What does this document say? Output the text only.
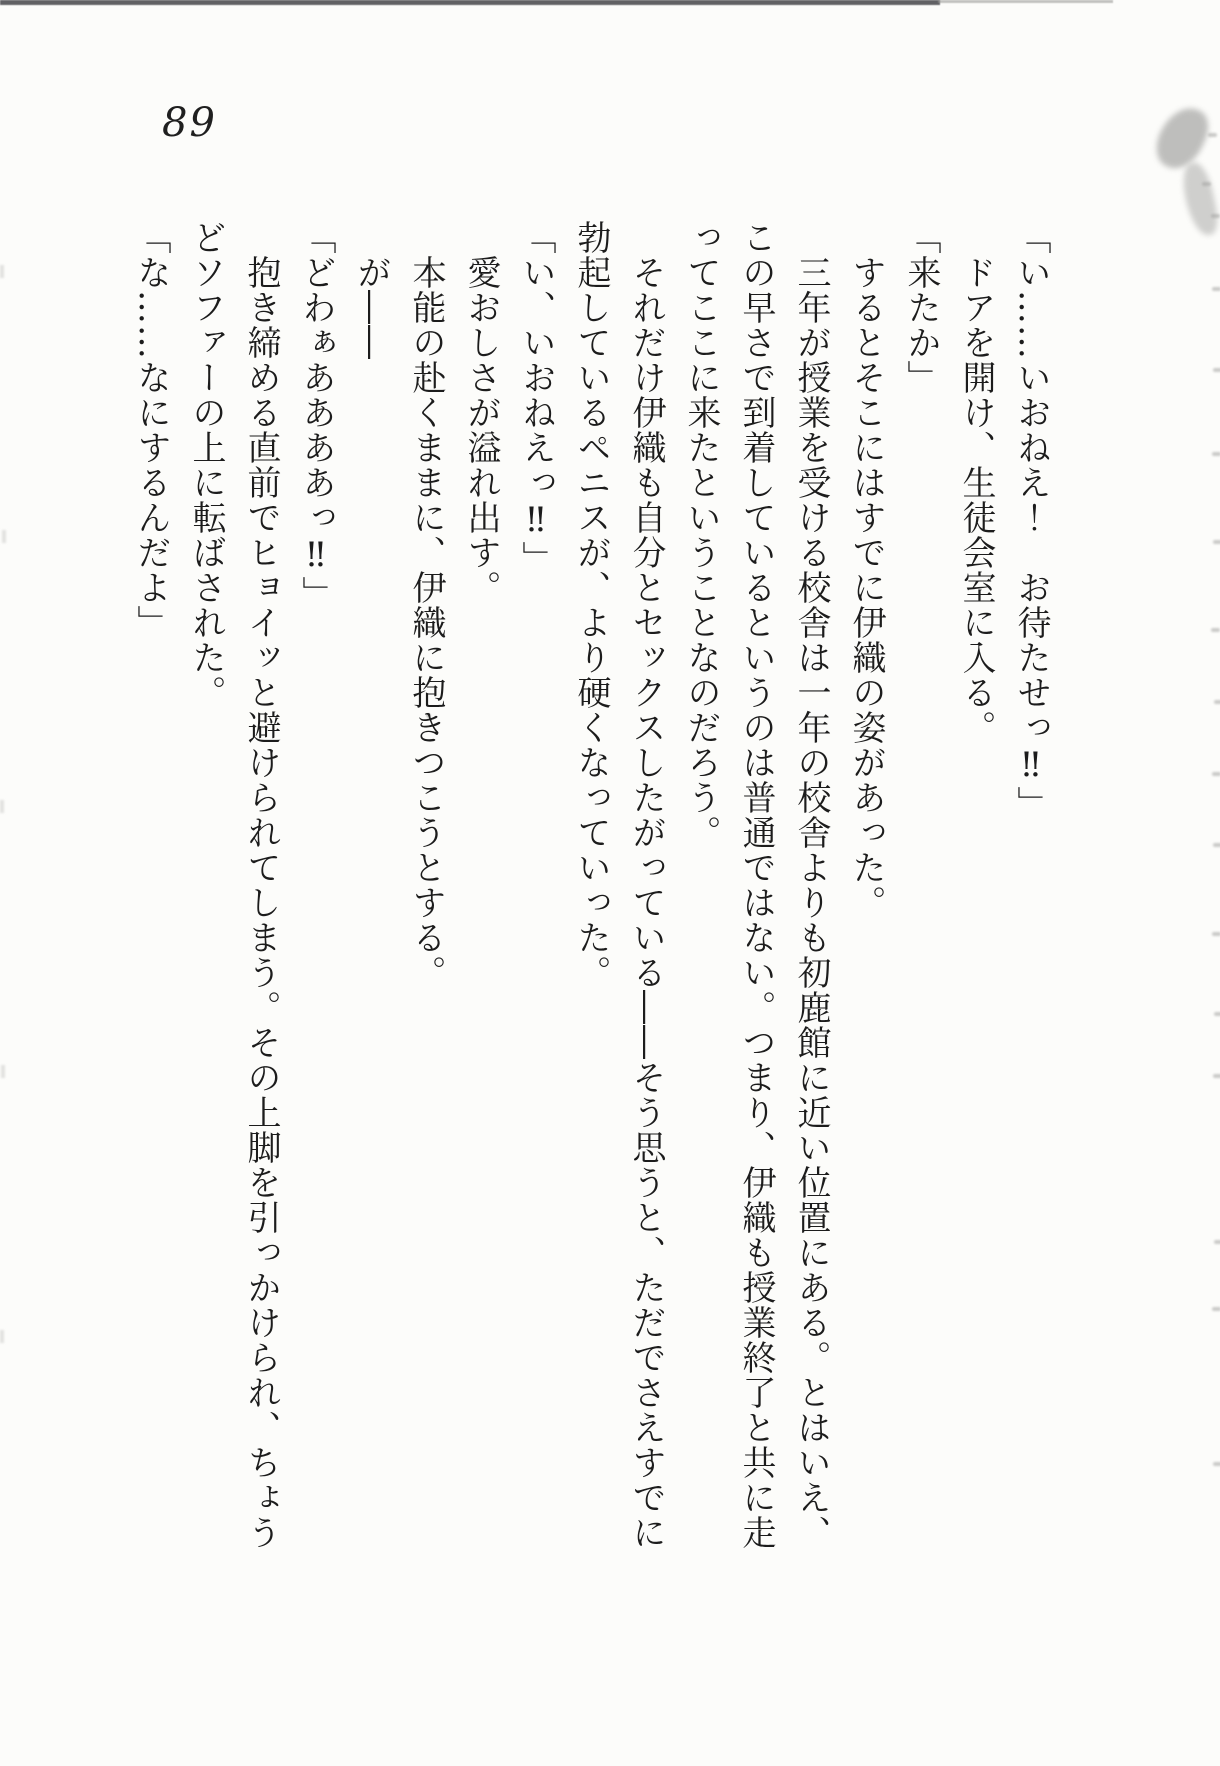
89

「い……いおねえ！　お待たせっ‼」

ドアを開け、生徒会室に入る。

「来たか」

するとそこにはすでに伊織の姿があった。

三年が授業を受ける校舎は一年の校舎よりも初鹿館に近い位置にある。とはいえ、

この早さで到着しているというのは普通ではない。つまり、伊織も授業終了と共に走

ってここに来たということなのだろう。

それだけ伊織も自分とセックスしたがっている――そう思うと、ただでさえすでに

勃起しているペニスが、より硬くなっていった。

「い、いおねえっ‼」

愛おしさが溢れ出す。

本能の赴くままに、伊織に抱きつこうとする。

が――

「どわぁああああっ‼」

抱き締める直前でヒョイッと避けられてしまう。その上脚を引っかけられ、ちょう

どソファーの上に転ばされた。

「な……なにするんだよ」
